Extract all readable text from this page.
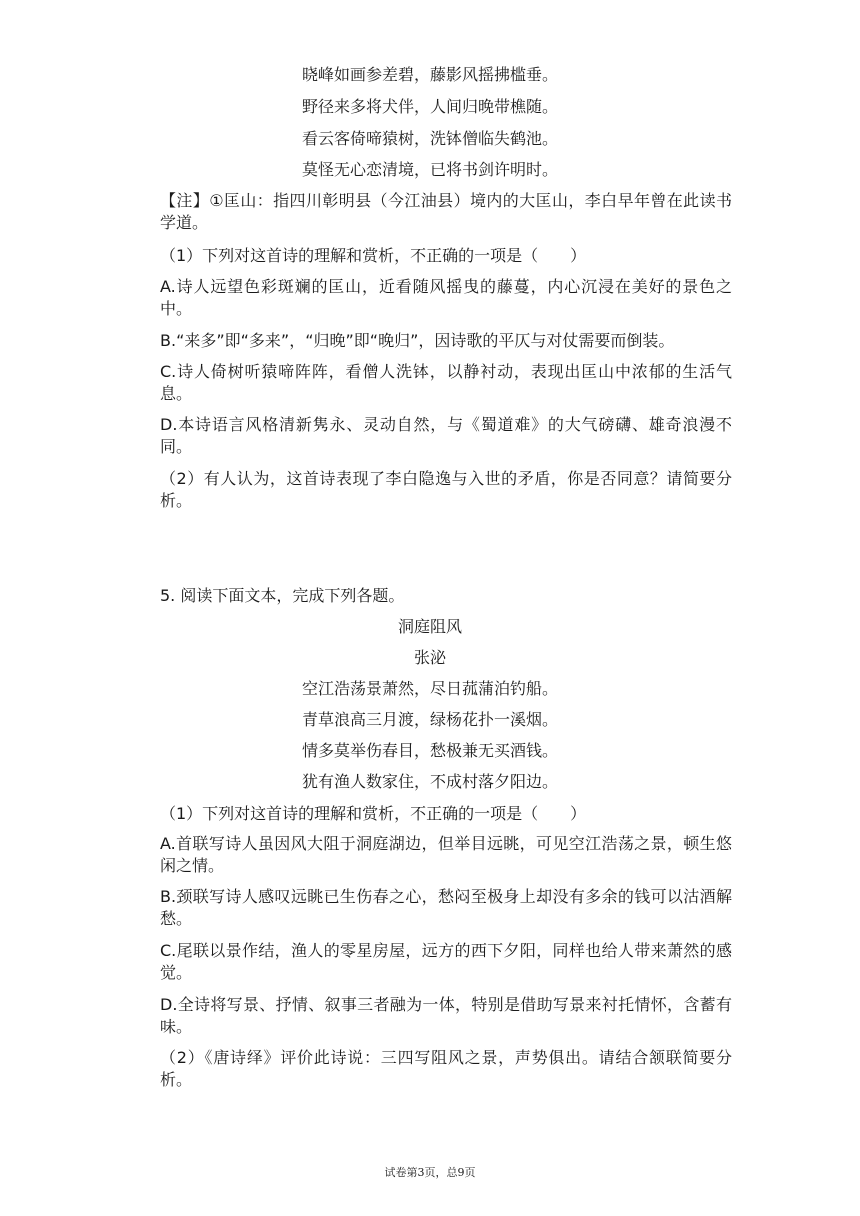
晓峰如画参差碧，藤影风摇拂槛垂。
野径来多将犬伴，人间归晚带樵随。
看云客倚啼猿树，洗钵僧临失鹤池。
莫怪无心恋清境，已将书剑许明时。
【注】①匡山：指四川彰明县（今江油县）境内的大匡山，李白早年曾在此读书学道。
（1）下列对这首诗的理解和赏析，不正确的一项是（　　）
A.诗人远望色彩斑斓的匡山，近看随风摇曳的藤蔓，内心沉浸在美好的景色之中。
B.“来多”即“多来”，“归晚”即“晚归”，因诗歌的平仄与对仗需要而倒装。
C.诗人倚树听猿啼阵阵，看僧人洗钵，以静衬动，表现出匡山中浓郁的生活气息。
D.本诗语言风格清新隽永、灵动自然，与《蜀道难》的大气磅礴、雄奇浪漫不同。
（2）有人认为，这首诗表现了李白隐逸与入世的矛盾，你是否同意？请简要分析。
5. 阅读下面文本，完成下列各题。
洞庭阻风
张泌
空江浩荡景萧然，尽日菰蒲泊钓船。
青草浪高三月渡，绿杨花扑一溪烟。
情多莫举伤春目，愁极兼无买酒钱。
犹有渔人数家住，不成村落夕阳边。
（1）下列对这首诗的理解和赏析，不正确的一项是（　　）
A.首联写诗人虽因风大阻于洞庭湖边，但举目远眺，可见空江浩荡之景，顿生悠闲之情。
B.颈联写诗人感叹远眺已生伤春之心，愁闷至极身上却没有多余的钱可以沽酒解愁。
C.尾联以景作结，渔人的零星房屋，远方的西下夕阳，同样也给人带来萧然的感觉。
D.全诗将写景、抒情、叙事三者融为一体，特别是借助写景来衬托情怀，含蓄有味。
（2）《唐诗绎》评价此诗说：三四写阻风之景，声势俱出。请结合颔联简要分析。
试卷第3页，总9页
